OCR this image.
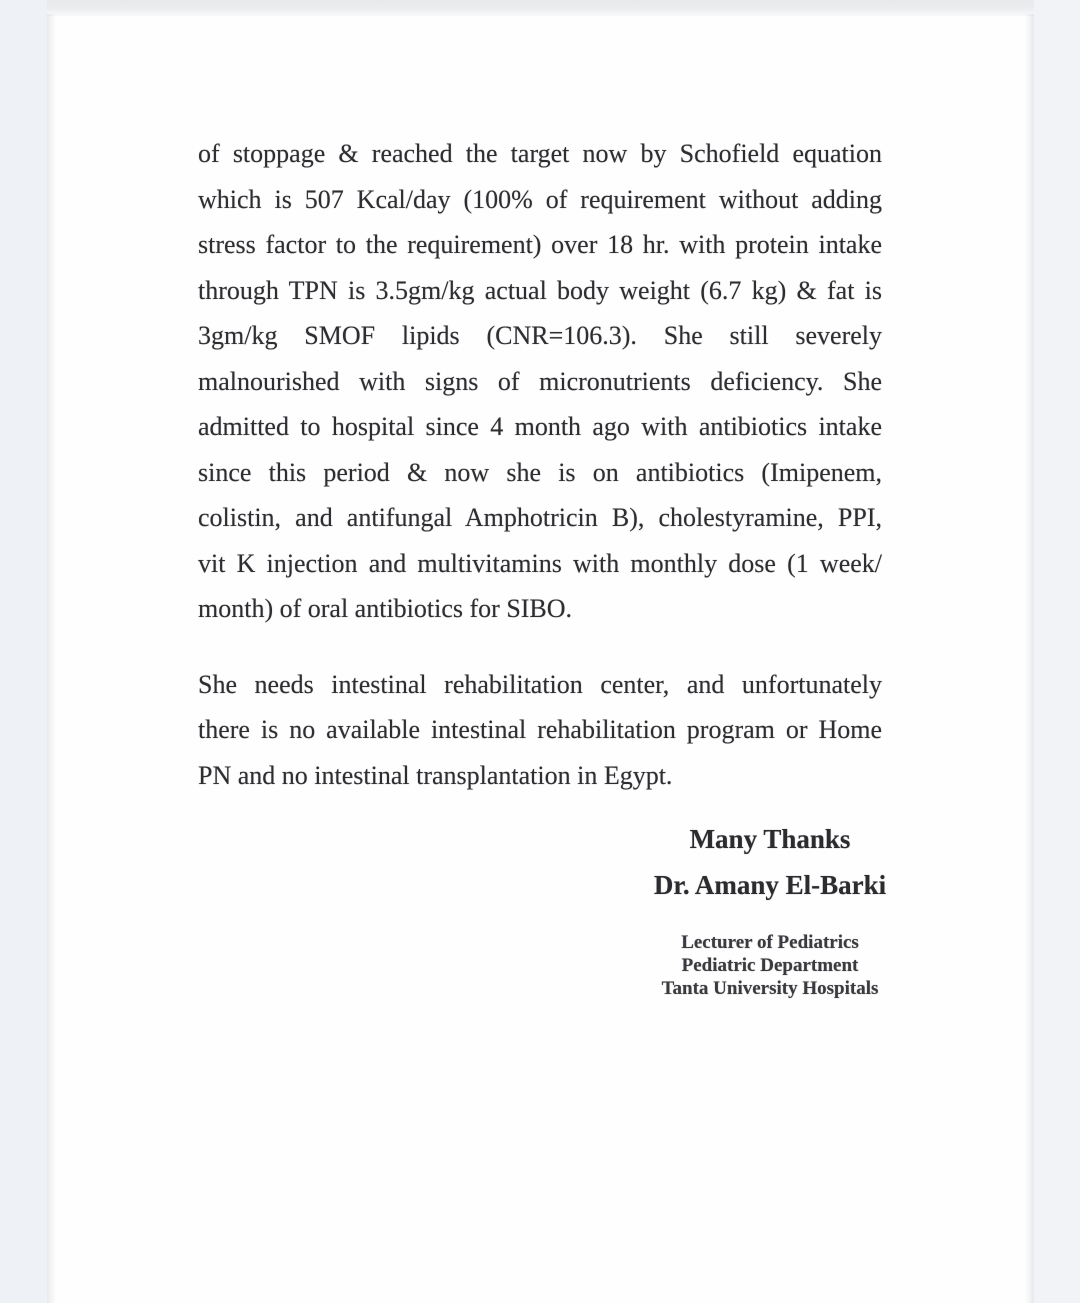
of stoppage & reached the target now by Schofield equation
which is 507 Kcal/day (100% of requirement without adding
stress factor to the requirement) over 18 hr. with protein intake
through TPN is 3.5gm/kg actual body weight (6.7 kg) & fat is
3gm/kg SMOF lipids (CNR=106.3). She still severely
malnourished with signs of micronutrients deficiency. She
admitted to hospital since 4 month ago with antibiotics intake
since this period & now she is on antibiotics (Imipenem,
colistin, and antifungal Amphotricin B), cholestyramine, PPI,
vit K injection and multivitamins with monthly dose (1 week/
month) of oral antibiotics for SIBO.
She needs intestinal rehabilitation center, and unfortunately
there is no available intestinal rehabilitation program or Home
PN and no intestinal transplantation in Egypt.
Many Thanks
Dr. Amany El-Barki
Lecturer of Pediatrics
Pediatric Department
Tanta University Hospitals
